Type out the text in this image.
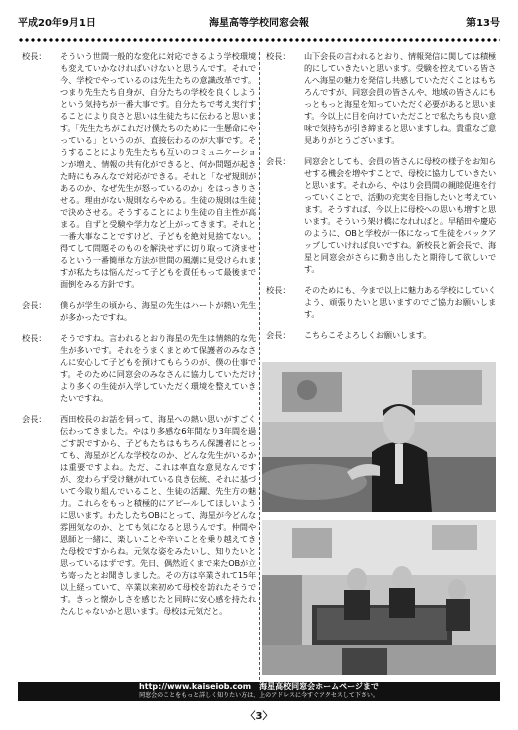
平成20年9月1日	海星高等学校同窓会報	第13号
校長：	そういう世間一般的な変化に対応できるよう学校環境も変えていかなければいけないと思うんです。それで今、学校でやっているのは先生たちの意識改革です。つまり先生たち自身が、自分たちの学校を良くしようという気持ちが一番大事です。自分たちで考え実行することにより良さと思いは生徒たちに伝わると思います。「先生たちがこれだけ僕たちのために一生懸命にやっている」というのが、直接伝わるのが大事です。そうすることにより先生たちも互いのコミュニケーションが増え、情報の共有化ができると、何か問題が起きた時にもみんなで対応ができる。それと「なぜ規則があるのか、なぜ先生が怒っているのか」をはっきりさせる。理由がない規則ならやめる。生徒の規則は生徒で決めさせる。そうすることにより生徒の自主性が高まる。自ずと受験や学力など上がってきます。それと一番大事なことですけど、子どもを絶対見捨てない。得てして問題そのものを解決せずに切り取って済ませるという一番簡単な方法が世間の風潮に見受けられますが私たちは悩んだって子どもを責任もって最後まで面倒をみる方針です。
会長：	僕らが学生の頃から、海星の先生はハートが熱い先生が多かったですね。
校長：	そうですね。言われるとおり海星の先生は情熱的な先生が多いです。それをうまくまとめて保護者のみなさんに安心して子どもを預けてもらうのが、僕の仕事です。そのために同窓会のみなさんに協力していただけより多くの生徒が入学していただく環境を整えていきたいですね。
会長：	西田校長のお話を伺って、海星への熱い思いがすごく伝わってきました。やはり多感な6年間なり3年間を過ごす訳ですから、子どもたちはもちろん保護者にとっても、海星がどんな学校なのか、どんな先生がいるかは重要ですよね。ただ、これは率直な意見なんですが、変わらず受け継がれている良き伝統、それに基づいて今取り組んでいること、生徒の活躍、先生方の魅力。これらをもっと積極的にアピールしてほしいように思います。わたしたちOBにとって、海星が今どんな雰囲気なのか、とても気になると思うんです。仲間や恩師と一緒に、楽しいことや辛いことを乗り越えてきた母校ですからね。元気な姿をみたいし、知りたいと思っているはずです。先日、偶然近くまで来たOBが立ち寄ったとお聞きしました。その方は卒業されて15年以上経っていて、卒業以来初めて母校を訪れたそうです。きっと懐かしさを感じたと同時に安心感を持たれたんじゃないかと思います。母校は元気だと。
校長：	山下会長の言われるとおり、情報発信に関しては積極的にしていきたいと思います。受験を控えている皆さんへ海星の魅力を発信し共感していただくことはもちろんですが、同窓会員の皆さんや、地域の皆さんにもっともっと海星を知っていただく必要があると思います。今以上に目を向けていただことで私たちも良い意味で気持ちが引き締まると思いますしね。貴重なご意見ありがとうございます。
会長：	同窓会としても、会員の皆さんに母校の様子をお知らせする機会を増やすことで、母校に協力していきたいと思います。それから、やはり会員間の親睦促進を行っていくことで、活動の充実を目指したいと考えています。そうすれば、今以上に母校への思いも増すと思います。そういう架け橋になれればと。早稲田や慶応のように、OBと学校が一体になって生徒をバックアップしていければ良いですね。新校長と新会長で、海星と同窓会がさらに動き出したと期待して欲しいです。
校長：	そのためにも、今まで以上に魅力ある学校にしていくよう、頑張りたいと思いますのでご協力お願いします。
会長：	こちらこそよろしくお願いします。
http://www.kaiseiob.com　海星高校同窓会ホームページまで
同窓会のことをもっと詳しく知りたい方は、上のアドレスに今すぐアクセスして下さい。
〈3〉
